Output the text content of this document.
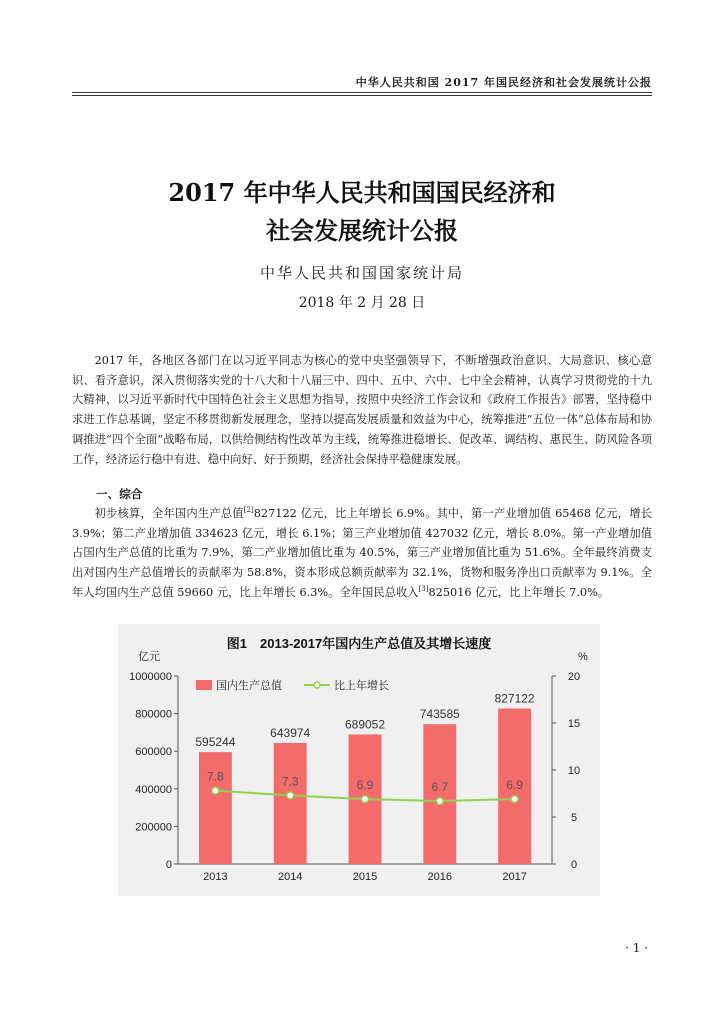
中华人民共和国 2017 年国民经济和社会发展统计公报
2017 年中华人民共和国国民经济和
社会发展统计公报
中华人民共和国国家统计局
2018 年 2 月 28 日

2017 年，各地区各部门在以习近平同志为核心的党中央坚强领导下，不断增强政治意识、大局意识、核心意识、看齐意识，深入贯彻落实党的十八大和十八届三中、四中、五中、六中、七中全会精神，认真学习贯彻党的十九大精神，以习近平新时代中国特色社会主义思想为指导，按照中央经济工作会议和《政府工作报告》部署，坚持稳中求进工作总基调，坚定不移贯彻新发展理念，坚持以提高发展质量和效益为中心，统筹推进“五位一体”总体布局和协调推进“四个全面”战略布局，以供给侧结构性改革为主线，统筹推进稳增长、促改革、调结构、惠民生、防风险各项工作，经济运行稳中有进、稳中向好、好于预期，经济社会保持平稳健康发展。

一、综合

初步核算，全年国内生产总值[2]827122 亿元，比上年增长 6.9%。其中，第一产业增加值 65468 亿元，增长 3.9%；第二产业增加值 334623 亿元，增长 6.1%；第三产业增加值 427032 亿元，增长 8.0%。第一产业增加值占国内生产总值的比重为 7.9%，第二产业增加值比重为 40.5%，第三产业增加值比重为 51.6%。全年最终消费支出对国内生产总值增长的贡献率为 58.8%，资本形成总额贡献率为 32.1%，货物和服务净出口贡献率为 9.1%。全年人均国内生产总值 59660 元，比上年增长 6.3%。全年国民总收入[3]825016 亿元，比上年增长 7.0%。

图1　2013-2017年国内生产总值及其增长速度
亿元	%
0
200000
400000
600000
800000
1000000
0
5
10
15
20
595244
2013
643974
2014
689052
2015
743585
2016
827122
2017
7.8	7.3	6.9	6.7	6.9
国内生产总值	比上年增长
· 1 ·
